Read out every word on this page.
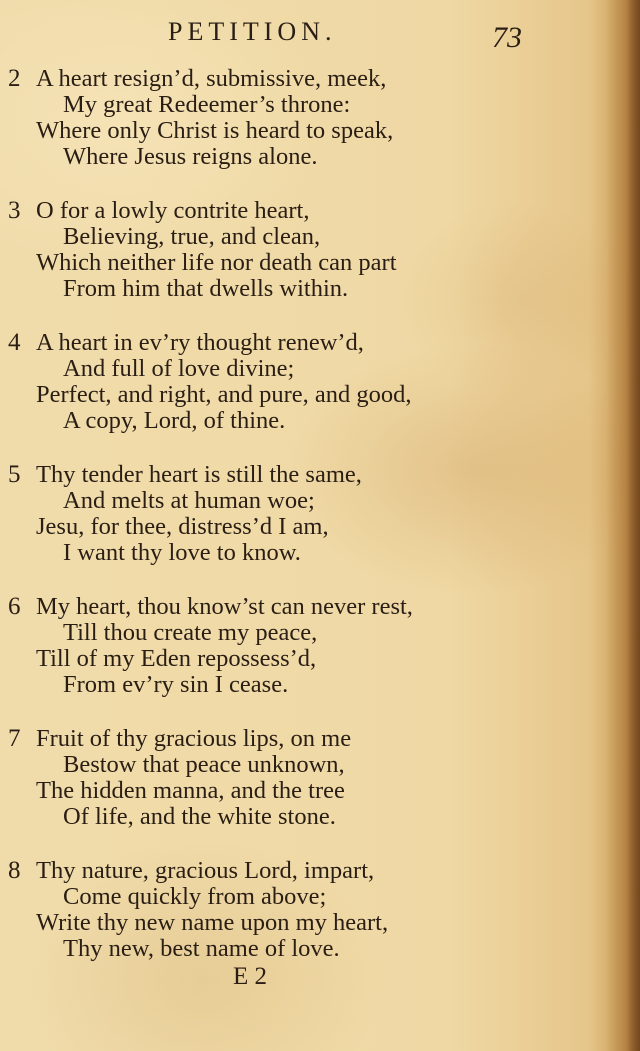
PETITION.	73
2 A heart resign’d, submissive, meek,
My great Redeemer’s throne:
Where only Christ is heard to speak,
Where Jesus reigns alone.
3 O for a lowly contrite heart,
Believing, true, and clean,
Which neither life nor death can part
From him that dwells within.
4 A heart in ev’ry thought renew’d,
And full of love divine;
Perfect, and right, and pure, and good,
A copy, Lord, of thine.
5 Thy tender heart is still the same,
And melts at human woe;
Jesu, for thee, distress’d I am,
I want thy love to know.
6 My heart, thou know’st can never rest,
Till thou create my peace,
Till of my Eden repossess’d,
From ev’ry sin I cease.
7 Fruit of thy gracious lips, on me
Bestow that peace unknown,
The hidden manna, and the tree
Of life, and the white stone.
8 Thy nature, gracious Lord, impart,
Come quickly from above;
Write thy new name upon my heart,
Thy new, best name of love.
E 2
